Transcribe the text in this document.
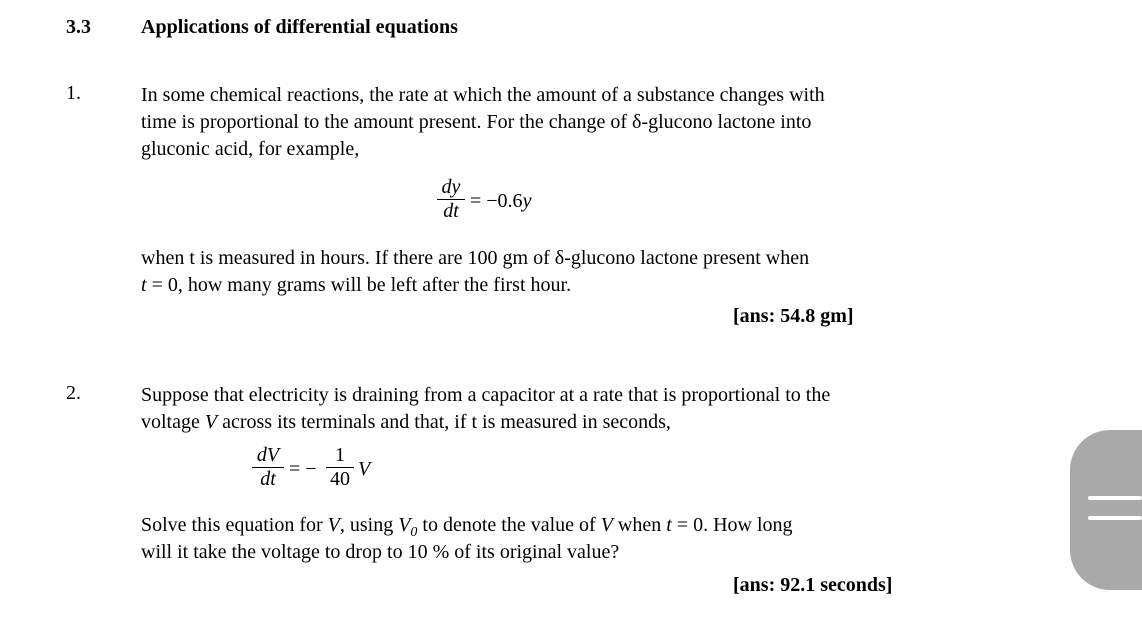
3.3	Applications of differential equations
1.	In some chemical reactions, the rate at which the amount of a substance changes with
time is proportional to the amount present. For the change of δ-glucono lactone into
gluconic acid, for example,
dy
dt = −0.6y
when t is measured in hours. If there are 100 gm of δ-glucono lactone present when
t = 0, how many grams will be left after the first hour.
[ans: 54.8 gm]
2.	Suppose that electricity is draining from a capacitor at a rate that is proportional to the
voltage V across its terminals and that, if t is measured in seconds,
dV
dt = −
1
40 V
Solve this equation for V, using $V_0$ to denote the value of V when t = 0. How long
will it take the voltage to drop to 10 % of its original value?
[ans: 92.1 seconds]
